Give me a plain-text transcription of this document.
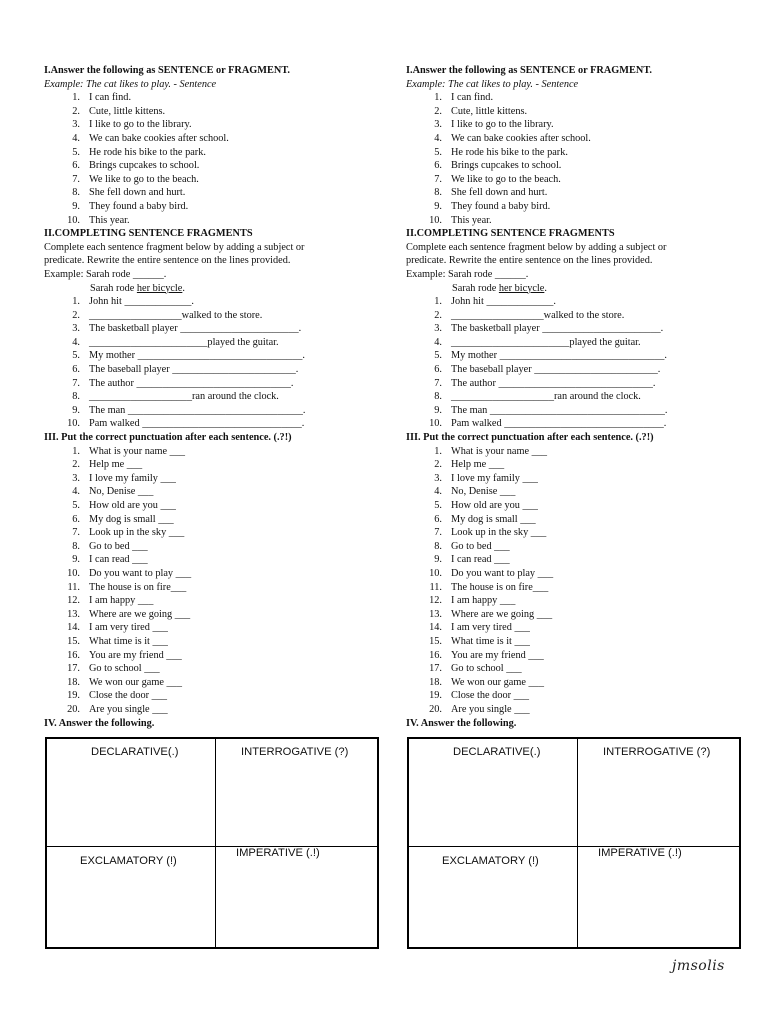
I.Answer the following as SENTENCE or FRAGMENT.
Example: The cat likes to play. - Sentence
1. I can find.
2. Cute, little kittens.
3. I like to go to the library.
4. We can bake cookies after school.
5. He rode his bike to the park.
6. Brings cupcakes to school.
7. We like to go to the beach.
8. She fell down and hurt.
9. They found a baby bird.
10. This year.
II.COMPLETING SENTENCE FRAGMENTS
Complete each sentence fragment below by adding a subject or
predicate. Rewrite the entire sentence on the lines provided.
Example: Sarah rode ______.
Sarah rode her bicycle.
1. John hit _____________.
2. __________________walked to the store.
3. The basketball player _______________________.
4. _______________________played the guitar.
5. My mother ________________________________.
6. The baseball player ________________________.
7. The author ______________________________.
8. ____________________ran around the clock.
9. The man __________________________________.
10. Pam walked _______________________________.
III. Put the correct punctuation after each sentence. (.?!)
1. What is your name ___
2. Help me ___
3. I love my family ___
4. No, Denise ___
5. How old are you ___
6. My dog is small ___
7. Look up in the sky ___
8. Go to bed ___
9. I can read ___
10. Do you want to play ___
11. The house is on fire___
12. I am happy ___
13. Where are we going ___
14. I am very tired ___
15. What time is it ___
16. You are my friend ___
17. Go to school ___
18. We won our game ___
19. Close the door ___
20. Are you single ___
IV. Answer the following.
DECLARATIVE(.)	INTERROGATIVE (?)
EXCLAMATORY (!)
IMPERATIVE (.!)
I.Answer the following as SENTENCE or FRAGMENT.
Example: The cat likes to play. - Sentence
1. I can find.
2. Cute, little kittens.
3. I like to go to the library.
4. We can bake cookies after school.
5. He rode his bike to the park.
6. Brings cupcakes to school.
7. We like to go to the beach.
8. She fell down and hurt.
9. They found a baby bird.
10. This year.
II.COMPLETING SENTENCE FRAGMENTS
Complete each sentence fragment below by adding a subject or
predicate. Rewrite the entire sentence on the lines provided.
Example: Sarah rode ______.
Sarah rode her bicycle.
1. John hit _____________.
2. __________________walked to the store.
3. The basketball player _______________________.
4. _______________________played the guitar.
5. My mother ________________________________.
6. The baseball player ________________________.
7. The author ______________________________.
8. ____________________ran around the clock.
9. The man __________________________________.
10. Pam walked _______________________________.
III. Put the correct punctuation after each sentence. (.?!)
1. What is your name ___
2. Help me ___
3. I love my family ___
4. No, Denise ___
5. How old are you ___
6. My dog is small ___
7. Look up in the sky ___
8. Go to bed ___
9. I can read ___
10. Do you want to play ___
11. The house is on fire___
12. I am happy ___
13. Where are we going ___
14. I am very tired ___
15. What time is it ___
16. You are my friend ___
17. Go to school ___
18. We won our game ___
19. Close the door ___
20. Are you single ___
IV. Answer the following.
DECLARATIVE(.)	INTERROGATIVE (?)
EXCLAMATORY (!)
IMPERATIVE (.!)
jmsolis
